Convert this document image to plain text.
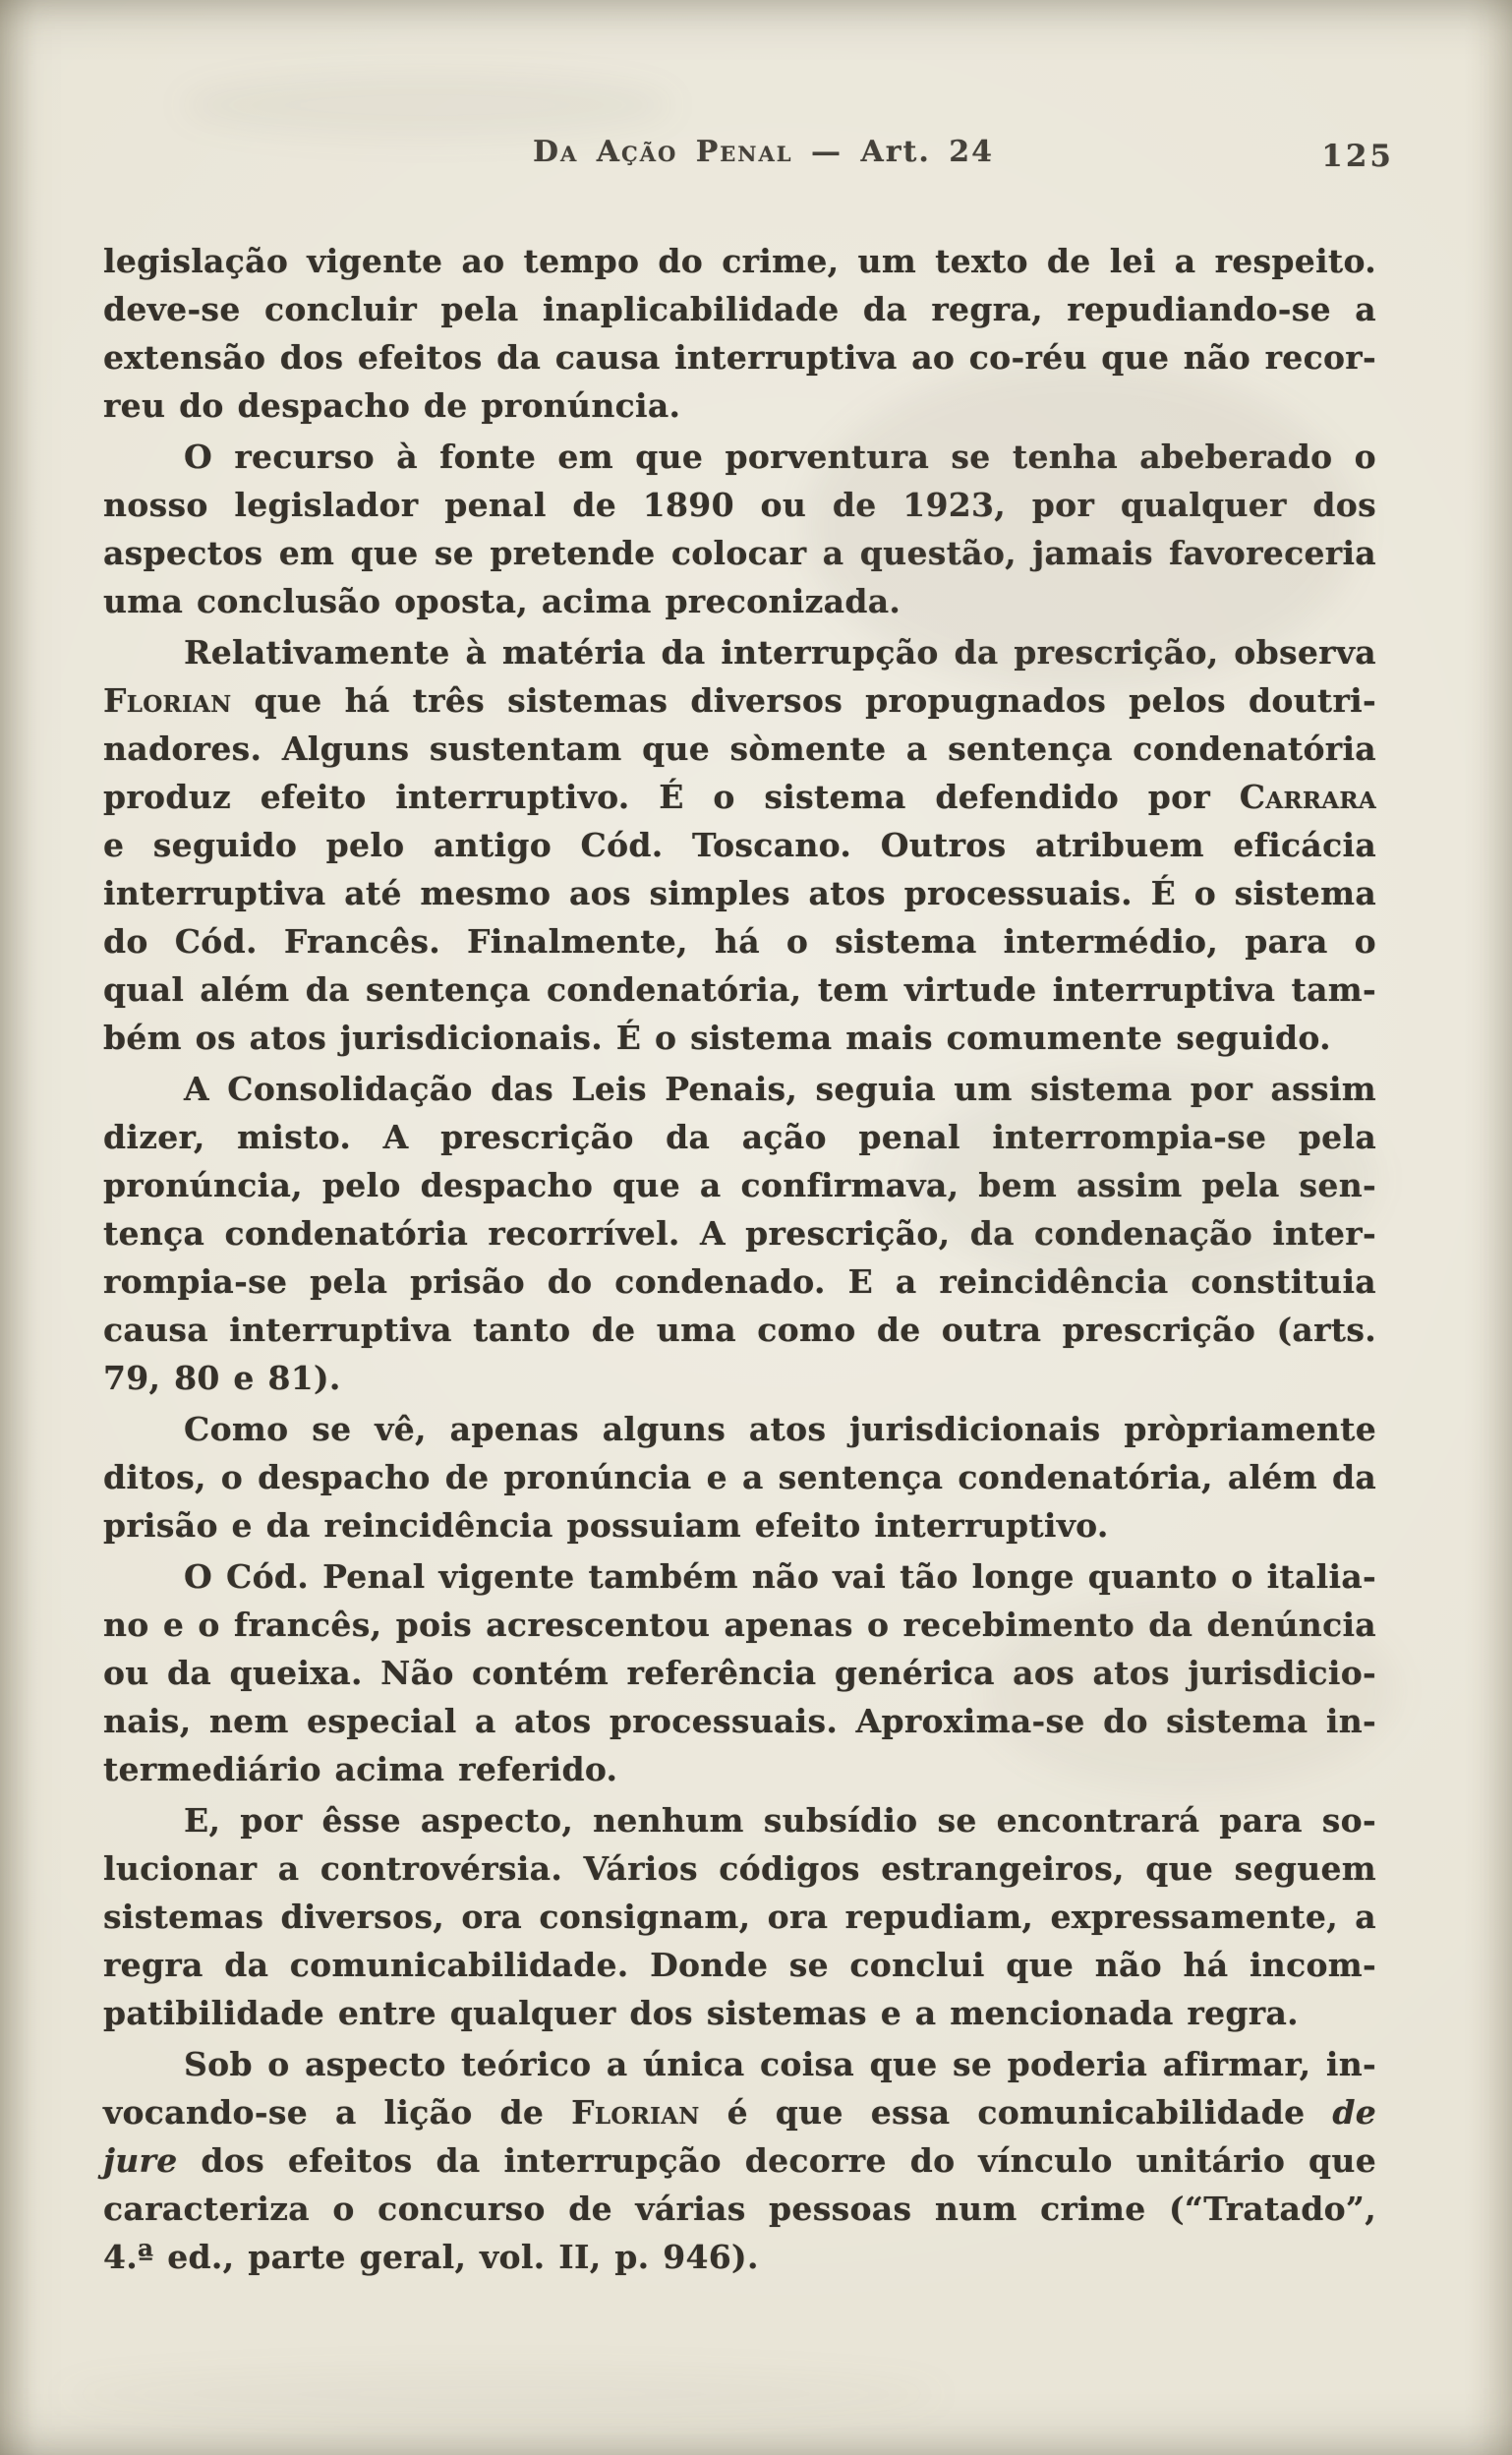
Da Ação Penal — Art. 24	125
legislação vigente ao tempo do crime, um texto de lei a respeito.
deve-se concluir pela inaplicabilidade da regra, repudiando-se a
extensão dos efeitos da causa interruptiva ao co-réu que não recor-
reu do despacho de pronúncia.
O recurso à fonte em que porventura se tenha abeberado o
nosso legislador penal de 1890 ou de 1923, por qualquer dos
aspectos em que se pretende colocar a questão, jamais favoreceria
uma conclusão oposta, acima preconizada.
Relativamente à matéria da interrupção da prescrição, observa
Florian que há três sistemas diversos propugnados pelos doutri-
nadores. Alguns sustentam que sòmente a sentença condenatória
produz efeito interruptivo. É o sistema defendido por Carrara
e seguido pelo antigo Cód. Toscano. Outros atribuem eficácia
interruptiva até mesmo aos simples atos processuais. É o sistema
do Cód. Francês. Finalmente, há o sistema intermédio, para o
qual além da sentença condenatória, tem virtude interruptiva tam-
bém os atos jurisdicionais. É o sistema mais comumente seguido.
A Consolidação das Leis Penais, seguia um sistema por assim
dizer, misto. A prescrição da ação penal interrompia-se pela
pronúncia, pelo despacho que a confirmava, bem assim pela sen-
tença condenatória recorrível. A prescrição, da condenação inter-
rompia-se pela prisão do condenado. E a reincidência constituia
causa interruptiva tanto de uma como de outra prescrição (arts.
79, 80 e 81).
Como se vê, apenas alguns atos jurisdicionais pròpriamente
ditos, o despacho de pronúncia e a sentença condenatória, além da
prisão e da reincidência possuiam efeito interruptivo.
O Cód. Penal vigente também não vai tão longe quanto o italia-
no e o francês, pois acrescentou apenas o recebimento da denúncia
ou da queixa. Não contém referência genérica aos atos jurisdicio-
nais, nem especial a atos processuais. Aproxima-se do sistema in-
termediário acima referido.
E, por êsse aspecto, nenhum subsídio se encontrará para so-
lucionar a controvérsia. Vários códigos estrangeiros, que seguem
sistemas diversos, ora consignam, ora repudiam, expressamente, a
regra da comunicabilidade. Donde se conclui que não há incom-
patibilidade entre qualquer dos sistemas e a mencionada regra.
Sob o aspecto teórico a única coisa que se poderia afirmar, in-
vocando-se a lição de Florian é que essa comunicabilidade de
jure dos efeitos da interrupção decorre do vínculo unitário que
caracteriza o concurso de várias pessoas num crime (“Tratado”,
4.ª ed., parte geral, vol. II, p. 946).
